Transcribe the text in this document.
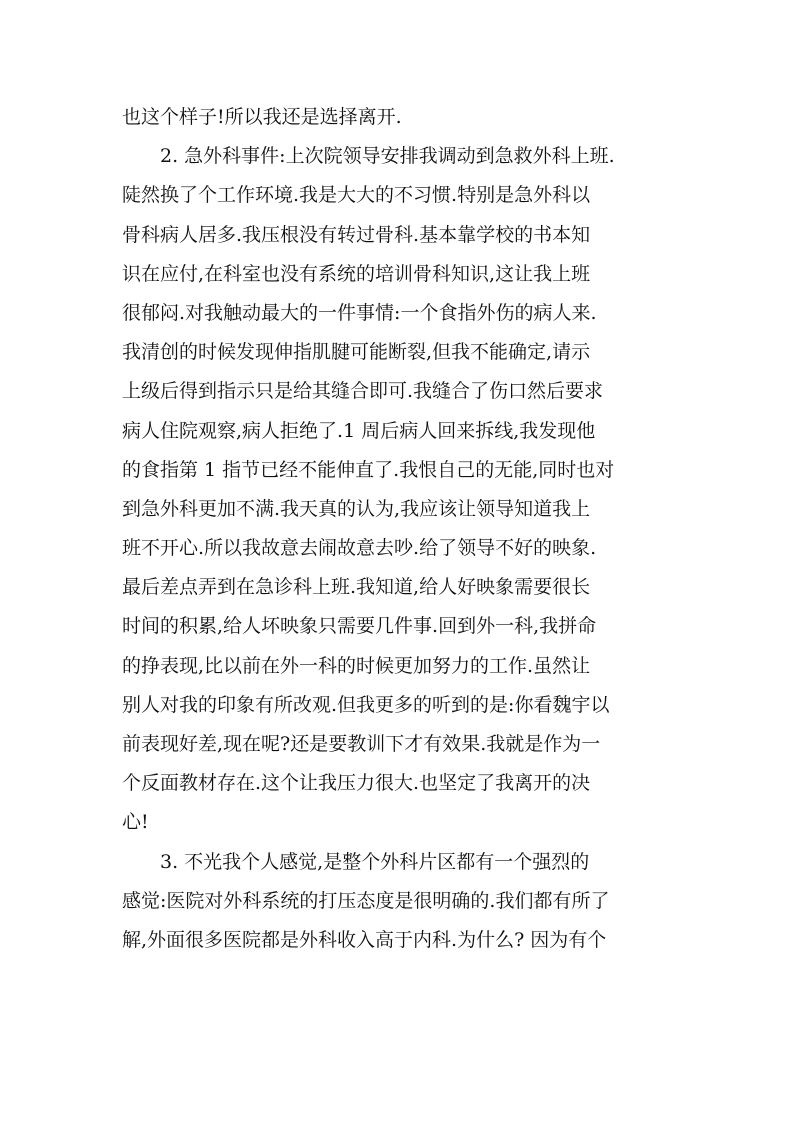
也这个样子!所以我还是选择离开.
2. 急外科事件:上次院领导安排我调动到急救外科上班.
陡然换了个工作环境.我是大大的不习惯.特别是急外科以
骨科病人居多.我压根没有转过骨科.基本靠学校的书本知
识在应付,在科室也没有系统的培训骨科知识,这让我上班
很郁闷.对我触动最大的一件事情:一个食指外伤的病人来.
我清创的时候发现伸指肌腱可能断裂,但我不能确定,请示
上级后得到指示只是给其缝合即可.我缝合了伤口然后要求
病人住院观察,病人拒绝了.1 周后病人回来拆线,我发现他
的食指第 1 指节已经不能伸直了.我恨自己的无能,同时也对
到急外科更加不满.我天真的认为,我应该让领导知道我上
班不开心.所以我故意去闹故意去吵.给了领导不好的映象.
最后差点弄到在急诊科上班.我知道,给人好映象需要很长
时间的积累,给人坏映象只需要几件事.回到外一科,我拼命
的挣表现,比以前在外一科的时候更加努力的工作.虽然让
别人对我的印象有所改观.但我更多的听到的是:你看魏宇以
前表现好差,现在呢?还是要教训下才有效果.我就是作为一
个反面教材存在.这个让我压力很大.也坚定了我离开的决
心!
3. 不光我个人感觉,是整个外科片区都有一个强烈的
感觉:医院对外科系统的打压态度是很明确的.我们都有所了
解,外面很多医院都是外科收入高于内科.为什么? 因为有个
